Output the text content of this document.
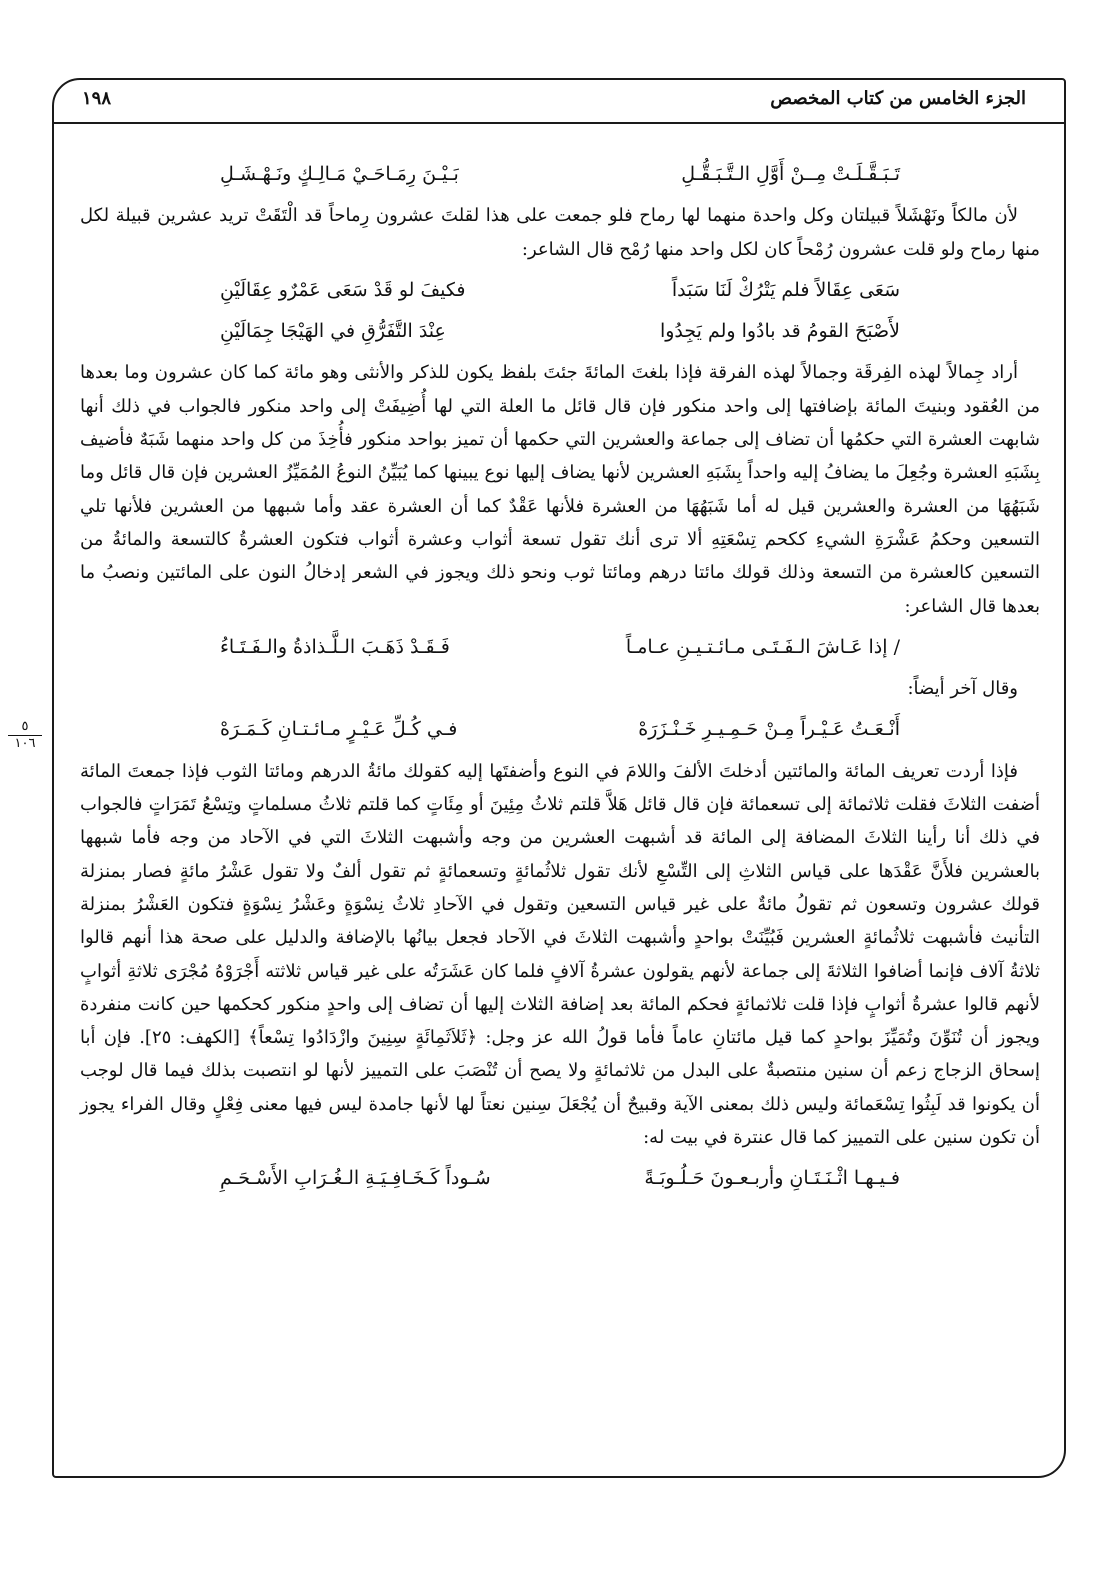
الجزء الخامس من كتاب المخصص
١٩٨
٥
١٠٦
تَـبَـقَّـلَـتْ مِــنْ أَوَّلِ الـتَّـبَـقُّـلِ
بَـيْـنَ رِمَـاحَـيْ مَـالِـكٍ ونَـهْـشَـلِ

لأن مالكاً ونَهْشَلاً قبيلتان وكل واحدة منهما لها رماح فلو جمعت على هذا لقلتَ عشرون رِماحاً قد الْتَقَتْ تريد عشرين قبيلة لكل منها رماح ولو قلت عشرون رُمْحاً كان لكل واحد منها رُمْح قال الشاعر:

سَعَى عِقَالاً فلم يَتْرُكْ لَنَا سَبَداً
فكيفَ لو قَدْ سَعَى عَمْرٌو عِقَالَيْنِ
لأَصْبَحَ القومُ قد بادُوا ولم يَجِدُوا
عِنْدَ التَّفَرُّقِ في الهَيْجَا جِمَالَيْنِ

أراد جِمالاً لهذه الفِرقَة وجمالاً لهذه الفرقة فإذا بلغتَ المائةَ جئتَ بلفظ يكون للذكر والأنثى وهو مائة كما كان عشرون وما بعدها من العُقود وبنيتَ المائة بإضافتها إلى واحد منكور فإن قال قائل ما العلة التي لها أُضِيفَتْ إلى واحد منكور فالجواب في ذلك أنها شابهت العشرة التي حكمُها أن تضاف إلى جماعة والعشرين التي حكمها أن تميز بواحد منكور فأُخِذَ من كل واحد منهما شَبَهٌ فأضيف بِشَبَهِ العشرة وجُعِلَ ما يضافُ إليه واحداً بِشَبَهِ العشرين لأنها يضاف إليها نوع يبينها كما يُبَيِّنُ النوعُ المُمَيِّزُ العشرين فإن قال قائل وما شَبَهُهَا من العشرة والعشرين قيل له أما شَبَهُهَا من العشرة فلأنها عَقْدٌ كما أن العشرة عقد وأما شبهها من العشرين فلأنها تلي التسعين وحكمُ عَشْرَةِ الشيءِ ككحم تِسْعَتِهِ ألا ترى أنك تقول تسعة أثواب وعشرة أثواب فتكون العشرةُ كالتسعة والمائةُ من التسعين كالعشرة من التسعة وذلك قولك مائتا درهم ومائتا ثوب ونحو ذلك ويجوز في الشعر إدخالُ النون على المائتين ونصبُ ما بعدها قال الشاعر:

/ إذا عَـاشَ الـفَـتَـى مـائـتـيـنِ عـامـاً
فَـقَـدْ ذَهَـبَ الـلَّـذاذةُ والـفَـتَـاءُ

وقال آخر أيضاً:

أَنْـعَـتُ عَـيْـراً مِـنْ حَـمِـيـرِ خَـنْـزَرَهْ
فـي كُـلِّ عَـيْـرٍ مـائـتـانِ كَـمَـرَهْ

فإذا أردت تعريف المائة والمائتين أدخلتَ الألفَ واللامَ في النوع وأضفتَها إليه كقولك مائةُ الدرهم ومائتا الثوب فإذا جمعتَ المائة أضفت الثلاثَ فقلت ثلاثمائة إلى تسعمائة فإن قال قائل هَلاَّ قلتم ثلاثُ مِئِينَ أو مِئَاتٍ كما قلتم ثلاثُ مسلماتٍ وتِسْعُ تَمَرَاتٍ فالجواب في ذلك أنا رأينا الثلاثَ المضافة إلى المائة قد أشبهت العشرين من وجه وأشبهت الثلاثَ التي في الآحاد من وجه فأما شبهها بالعشرين فلأَنَّ عَقْدَها على قياس الثلاثِ إلى التِّسْعِ لأنك تقول ثلاثُمائةٍ وتسعمائةٍ ثم تقول ألفٌ ولا تقول عَشْرُ مائةٍ فصار بمنزلة قولك عشرون وتسعون ثم تقولُ مائةٌ على غير قياس التسعين وتقول في الآحادِ ثلاثُ نِسْوَةٍ وعَشْرُ نِسْوَةٍ فتكون العَشْرُ بمنزلة التأنيث فأشبهت ثلاثُمائةٍ العشرين فَبُيِّنَتْ بواحدٍ وأشبهت الثلاثَ في الآحاد فجعل بيانُها بالإضافة والدليل على صحة هذا أنهم قالوا ثلاثةُ آلاف فإنما أضافوا الثلاثةَ إلى جماعة لأنهم يقولون عشرةُ آلافٍ فلما كان عَشَرَتُه على غير قياس ثلاثته أَجْرَوْهُ مُجْرَى ثلاثةِ أثوابٍ لأنهم قالوا عشرةُ أثوابٍ فإذا قلت ثلاثمائةٍ فحكم المائة بعد إضافة الثلاث إليها أن تضاف إلى واحدٍ منكور كحكمها حين كانت منفردة ويجوز أن تُنَوِّنَ وتُمَيِّزَ بواحدٍ كما قيل مائتانِ عاماً فأما قولُ الله عز وجل: ﴿ثَلاَثَمِائَةٍ سِنِينَ وازْدَادُوا تِسْعاً﴾ [الكهف: ٢٥]. فإن أبا إسحاق الزجاج زعم أن سنين منتصبةٌ على البدل من ثلاثمائةٍ ولا يصح أن تُنْصَبَ على التمييز لأنها لو انتصبت بذلك فيما قال لوجب أن يكونوا قد لَبِثُوا تِسْعَمائة وليس ذلك بمعنى الآية وقبيحٌ أن يُجْعَلَ سِنين نعتاً لها لأنها جامدة ليس فيها معنى فِعْلٍ وقال الفراء يجوز أن تكون سنين على التمييز كما قال عنترة في بيت له:

فـيـهـا اثْـنَـتَـانِ وأربـعـونَ حَـلُـوبَـةً
سُـوداً كَـخَـافِـيَـةِ الـغُـرَابِ الأَسْـحَـمِ
